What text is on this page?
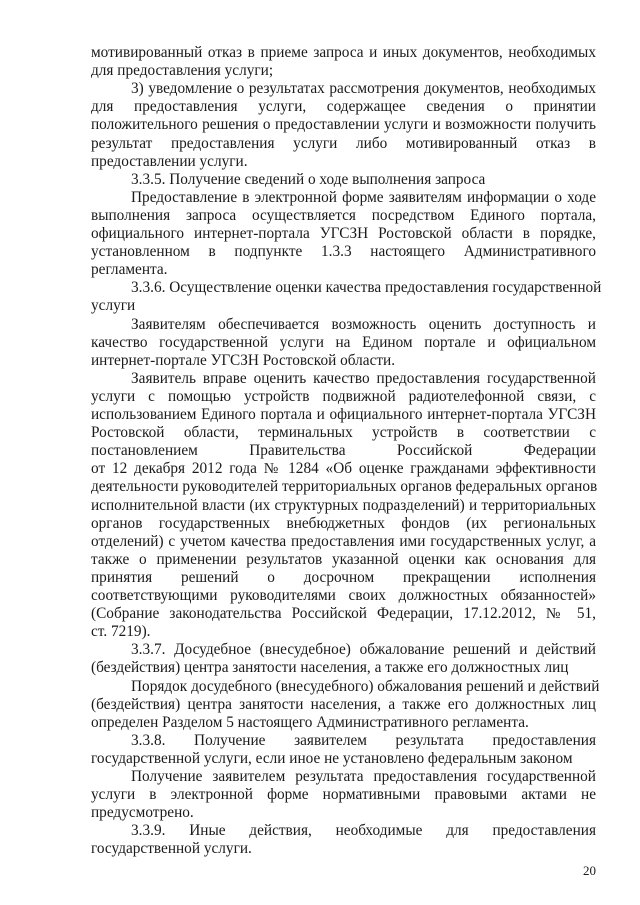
мотивированный отказ в приеме запроса и иных документов, необходимых
для предоставления услуги;
3) уведомление о результатах рассмотрения документов, необходимых
для предоставления услуги, содержащее сведения о принятии
положительного решения о предоставлении услуги и возможности получить
результат предоставления услуги либо мотивированный отказ в
предоставлении услуги.
3.3.5. Получение сведений о ходе выполнения запроса
Предоставление в электронной форме заявителям информации о ходе
выполнения запроса осуществляется посредством Единого портала,
официального интернет-портала УГСЗН Ростовской области в порядке,
установленном в подпункте 1.3.3 настоящего Административного
регламента.
3.3.6. Осуществление оценки качества предоставления государственной
услуги
Заявителям обеспечивается возможность оценить доступность и
качество государственной услуги на Едином портале и официальном
интернет-портале УГСЗН Ростовской области.
Заявитель вправе оценить качество предоставления государственной
услуги с помощью устройств подвижной радиотелефонной связи, с
использованием Единого портала и официального интернет-портала УГСЗН
Ростовской области, терминальных устройств в соответствии с
постановлением Правительства Российской Федерации
от 12 декабря 2012 года № 1284 «Об оценке гражданами эффективности
деятельности руководителей территориальных органов федеральных органов
исполнительной власти (их структурных подразделений) и территориальных
органов государственных внебюджетных фондов (их региональных
отделений) с учетом качества предоставления ими государственных услуг, а
также о применении результатов указанной оценки как основания для
принятия решений о досрочном прекращении исполнения
соответствующими руководителями своих должностных обязанностей»
(Собрание законодательства Российской Федерации, 17.12.2012, № 51,
ст. 7219).
3.3.7. Досудебное (внесудебное) обжалование решений и действий
(бездействия) центра занятости населения, а также его должностных лиц
Порядок досудебного (внесудебного) обжалования решений и действий
(бездействия) центра занятости населения, а также его должностных лиц
определен Разделом 5 настоящего Административного регламента.
3.3.8. Получение заявителем результата предоставления
государственной услуги, если иное не установлено федеральным законом
Получение заявителем результата предоставления государственной
услуги в электронной форме нормативными правовыми актами не
предусмотрено.
3.3.9. Иные действия, необходимые для предоставления
государственной услуги.
20
